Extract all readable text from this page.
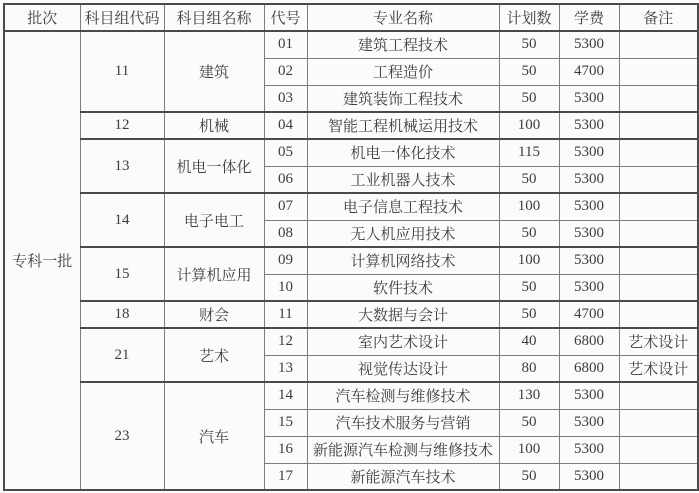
批次	科目组代码	科目组名称	代号	专业名称	计划数	学费	备注
专科一批	11	建筑	01	建筑工程技术	50	5300	
			02	工程造价	50	4700	
			03	建筑装饰工程技术	50	5300	
	12	机械	04	智能工程机械运用技术	100	5300	
	13	机电一体化	05	机电一体化技术	115	5300	
			06	工业机器人技术	50	5300	
	14	电子电工	07	电子信息工程技术	100	5300	
			08	无人机应用技术	50	5300	
	15	计算机应用	09	计算机网络技术	100	5300	
			10	软件技术	50	5300	
	18	财会	11	大数据与会计	50	4700	
	21	艺术	12	室内艺术设计	40	6800	艺术设计
			13	视觉传达设计	80	6800	艺术设计
	23	汽车	14	汽车检测与维修技术	130	5300	
			15	汽车技术服务与营销	50	5300	
			16	新能源汽车检测与维修技术	100	5300	
			17	新能源汽车技术	50	5300	
